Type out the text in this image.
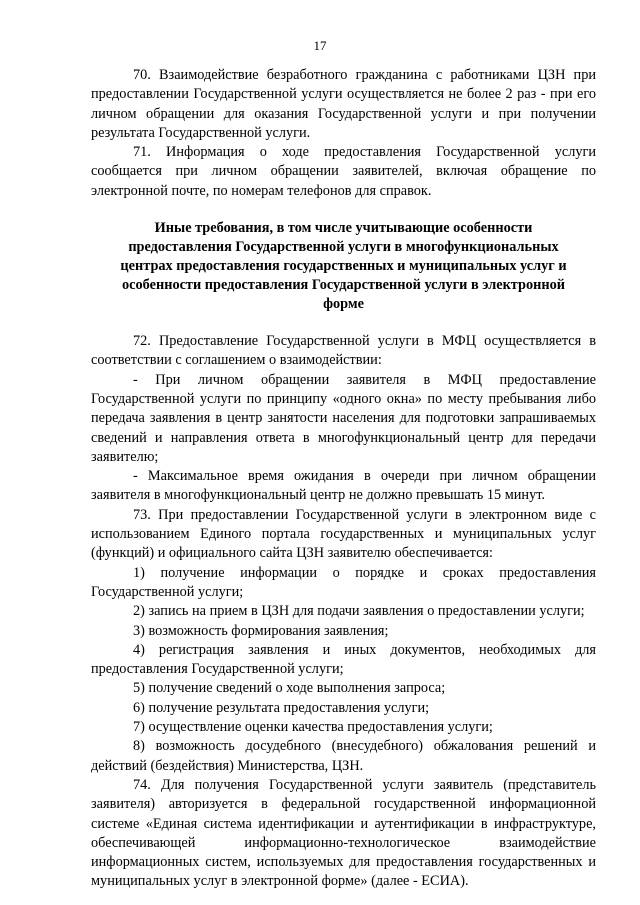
17

70. Взаимодействие безработного гражданина с работниками ЦЗН при предоставлении Государственной услуги осуществляется не более 2 раз - при его личном обращении для оказания Государственной услуги и при получении результата Государственной услуги.

71. Информация о ходе предоставления Государственной услуги сообщается при личном обращении заявителей, включая обращение по электронной почте, по номерам телефонов для справок.

Иные требования, в том числе учитывающие особенности предоставления Государственной услуги в многофункциональных центрах предоставления государственных и муниципальных услуг и особенности предоставления Государственной услуги в электронной форме

72. Предоставление Государственной услуги в МФЦ осуществляется в соответствии с соглашением о взаимодействии:

- При личном обращении заявителя в МФЦ предоставление Государственной услуги по принципу «одного окна» по месту пребывания либо передача заявления в центр занятости населения для подготовки запрашиваемых сведений и направления ответа в многофункциональный центр для передачи заявителю;

- Максимальное время ожидания в очереди при личном обращении заявителя в многофункциональный центр не должно превышать 15 минут.

73. При предоставлении Государственной услуги в электронном виде с использованием Единого портала государственных и муниципальных услуг (функций) и официального сайта ЦЗН заявителю обеспечивается:

1) получение информации о порядке и сроках предоставления Государственной услуги;

2) запись на прием в ЦЗН для подачи заявления о предоставлении услуги;

3) возможность формирования заявления;

4) регистрация заявления и иных документов, необходимых для предоставления Государственной услуги;

5) получение сведений о ходе выполнения запроса;

6) получение результата предоставления услуги;

7) осуществление оценки качества предоставления услуги;

8) возможность досудебного (внесудебного) обжалования решений и действий (бездействия) Министерства, ЦЗН.

74. Для получения Государственной услуги заявитель (представитель заявителя) авторизуется в федеральной государственной информационной системе «Единая система идентификации и аутентификации в инфраструктуре, обеспечивающей информационно-технологическое взаимодействие информационных систем, используемых для предоставления государственных и муниципальных услуг в электронной форме» (далее - ЕСИА).
